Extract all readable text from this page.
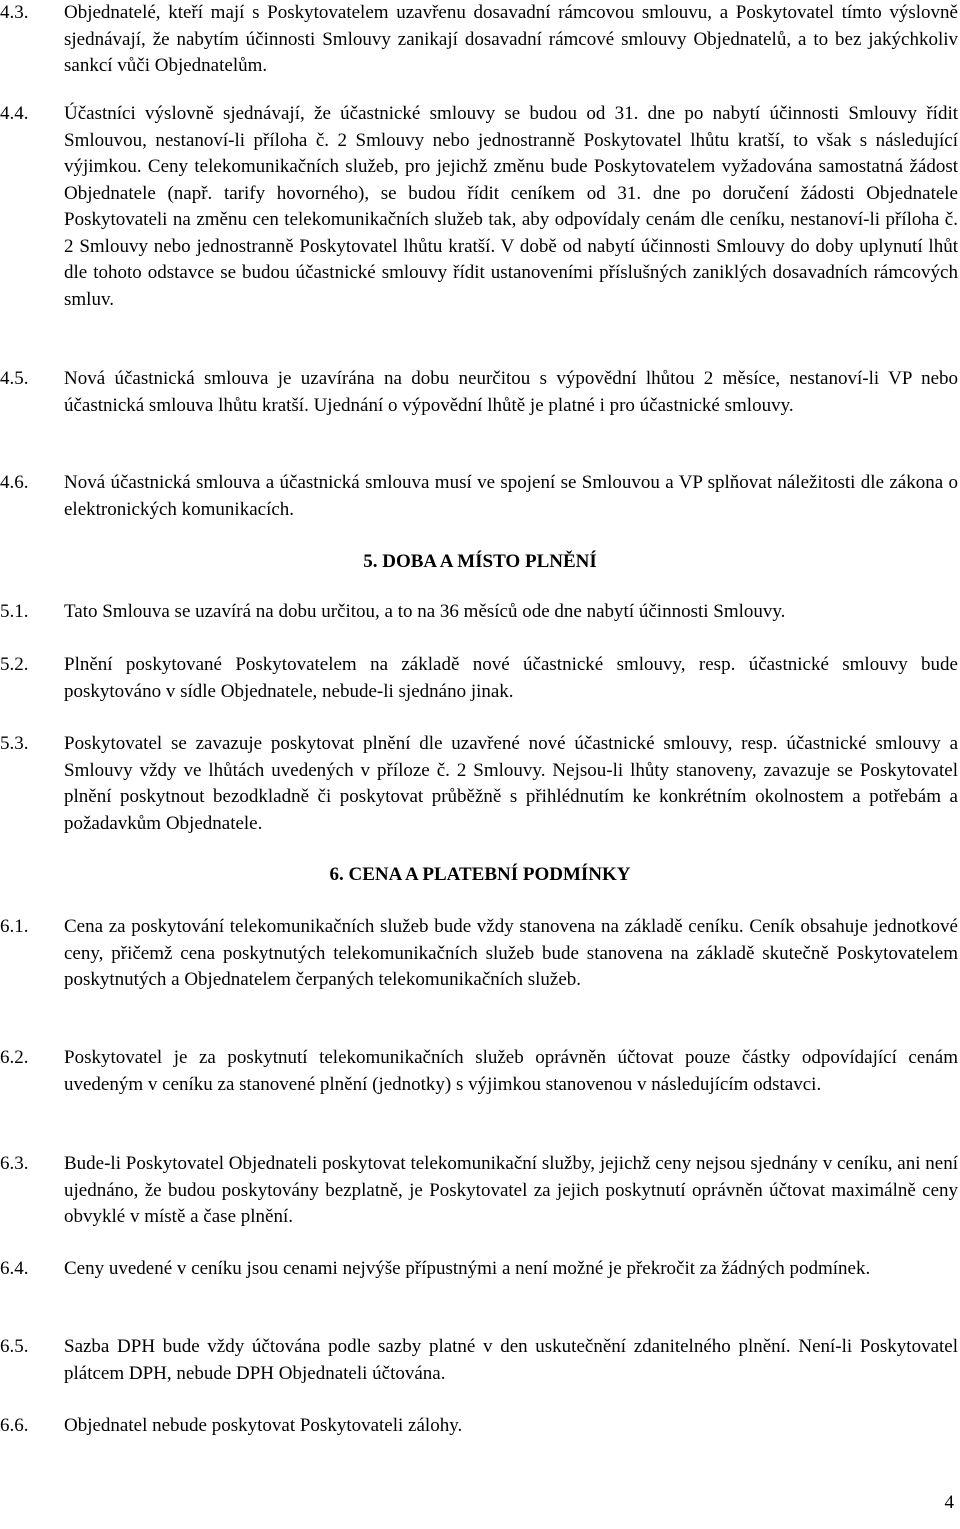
4.3.	Objednatelé, kteří mají s Poskytovatelem uzavřenu dosavadní rámcovou smlouvu, a Poskytovatel tímto výslovně sjednávají, že nabytím účinnosti Smlouvy zanikají dosavadní rámcové smlouvy Objednatelů, a to bez jakýchkoliv sankcí vůči Objednatelům.
4.4.	Účastníci výslovně sjednávají, že účastnické smlouvy se budou od 31. dne po nabytí účinnosti Smlouvy řídit Smlouvou, nestanoví-li příloha č. 2 Smlouvy nebo jednostranně Poskytovatel lhůtu kratší, to však s následující výjimkou. Ceny telekomunikačních služeb, pro jejichž změnu bude Poskytovatelem vyžadována samostatná žádost Objednatele (např. tarify hovorného), se budou řídit ceníkem od 31. dne po doručení žádosti Objednatele Poskytovateli na změnu cen telekomunikačních služeb tak, aby odpovídaly cenám dle ceníku, nestanoví-li příloha č. 2 Smlouvy nebo jednostranně Poskytovatel lhůtu kratší. V době od nabytí účinnosti Smlouvy do doby uplynutí lhůt dle tohoto odstavce se budou účastnické smlouvy řídit ustanoveními příslušných zaniklých dosavadních rámcových smluv.
4.5.	Nová účastnická smlouva je uzavírána na dobu neurčitou s výpovědní lhůtou 2 měsíce, nestanoví-li VP nebo účastnická smlouva lhůtu kratší. Ujednání o výpovědní lhůtě je platné i pro účastnické smlouvy.
4.6.	Nová účastnická smlouva a účastnická smlouva musí ve spojení se Smlouvou a VP splňovat náležitosti dle zákona o elektronických komunikacích.
5. DOBA A MÍSTO PLNĚNÍ
5.1.	Tato Smlouva se uzavírá na dobu určitou, a to na 36 měsíců ode dne nabytí účinnosti Smlouvy.
5.2.	Plnění poskytované Poskytovatelem na základě nové účastnické smlouvy, resp. účastnické smlouvy bude poskytováno v sídle Objednatele, nebude-li sjednáno jinak.
5.3.	Poskytovatel se zavazuje poskytovat plnění dle uzavřené nové účastnické smlouvy, resp. účastnické smlouvy a Smlouvy vždy ve lhůtách uvedených v příloze č. 2 Smlouvy. Nejsou-li lhůty stanoveny, zavazuje se Poskytovatel plnění poskytnout bezodkladně či poskytovat průběžně s přihlédnutím ke konkrétním okolnostem a potřebám a požadavkům Objednatele.
6. CENA A PLATEBNÍ PODMÍNKY
6.1.	Cena za poskytování telekomunikačních služeb bude vždy stanovena na základě ceníku. Ceník obsahuje jednotkové ceny, přičemž cena poskytnutých telekomunikačních služeb bude stanovena na základě skutečně Poskytovatelem poskytnutých a Objednatelem čerpaných telekomunikačních služeb.
6.2.	Poskytovatel je za poskytnutí telekomunikačních služeb oprávněn účtovat pouze částky odpovídající cenám uvedeným v ceníku za stanovené plnění (jednotky) s výjimkou stanovenou v následujícím odstavci.
6.3.	Bude-li Poskytovatel Objednateli poskytovat telekomunikační služby, jejichž ceny nejsou sjednány v ceníku, ani není ujednáno, že budou poskytovány bezplatně, je Poskytovatel za jejich poskytnutí oprávněn účtovat maximálně ceny obvyklé v místě a čase plnění.
6.4.	Ceny uvedené v ceníku jsou cenami nejvýše přípustnými a není možné je překročit za žádných podmínek.
6.5.	Sazba DPH bude vždy účtována podle sazby platné v den uskutečnění zdanitelného plnění. Není-li Poskytovatel plátcem DPH, nebude DPH Objednateli účtována.
6.6.	Objednatel nebude poskytovat Poskytovateli zálohy.
4
